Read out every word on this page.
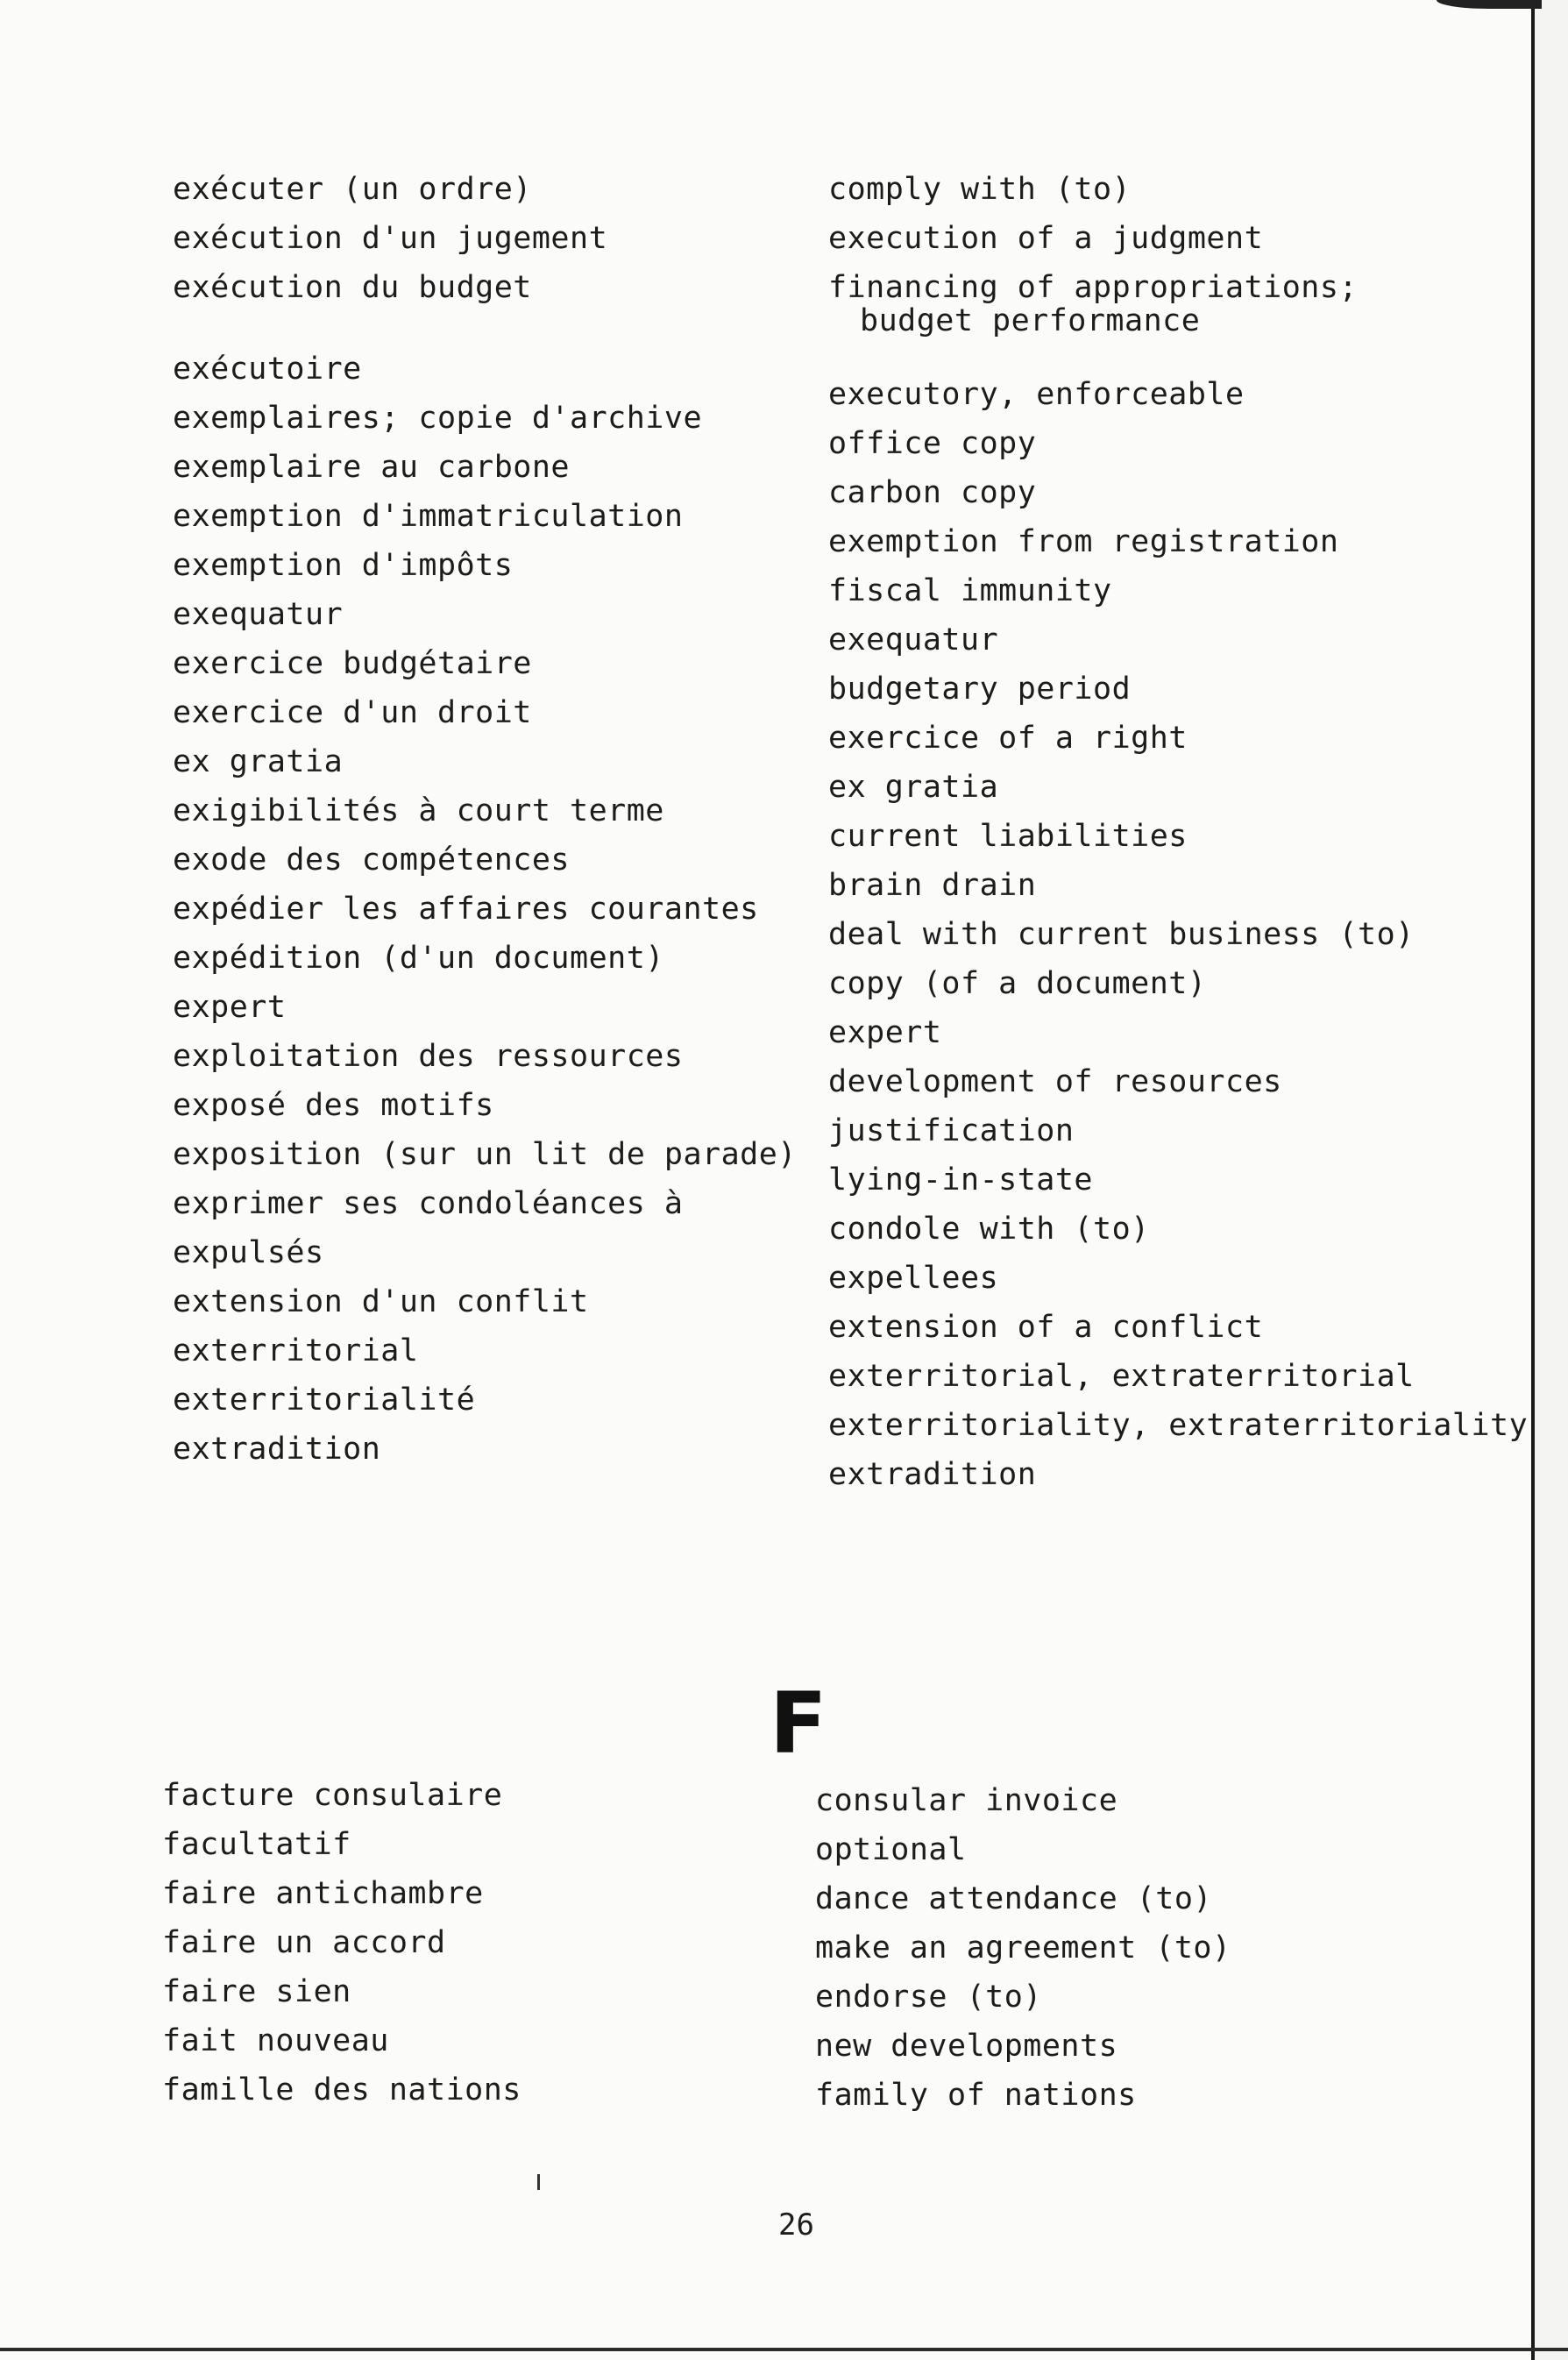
exécuter (un ordre)

exécution d'un jugement

exécution du budget

exécutoire

exemplaires; copie d'archive

exemplaire au carbone

exemption d'immatriculation

exemption d'impôts

exequatur

exercice budgétaire

exercice d'un droit

ex gratia

exigibilités à court terme

exode des compétences

expédier les affaires courantes

expédition (d'un document)

expert

exploitation des ressources

exposé des motifs

exposition (sur un lit de parade)

exprimer ses condoléances à

expulsés

extension d'un conflit

exterritorial

exterritorialité

extradition

comply with (to)

execution of a judgment

financing of appropriations;
budget performance

executory, enforceable

office copy

carbon copy

exemption from registration

fiscal immunity

exequatur

budgetary period

exercice of a right

ex gratia

current liabilities

brain drain

deal with current business (to)

copy (of a document)

expert

development of resources

justification

lying-in-state

condole with (to)

expellees

extension of a conflict

exterritorial, extraterritorial

exterritoriality, extraterritoriality

extradition

F

facture consulaire

facultatif

faire antichambre

faire un accord

faire sien

fait nouveau

famille des nations

consular invoice

optional

dance attendance (to)

make an agreement (to)

endorse (to)

new developments

family of nations

26
